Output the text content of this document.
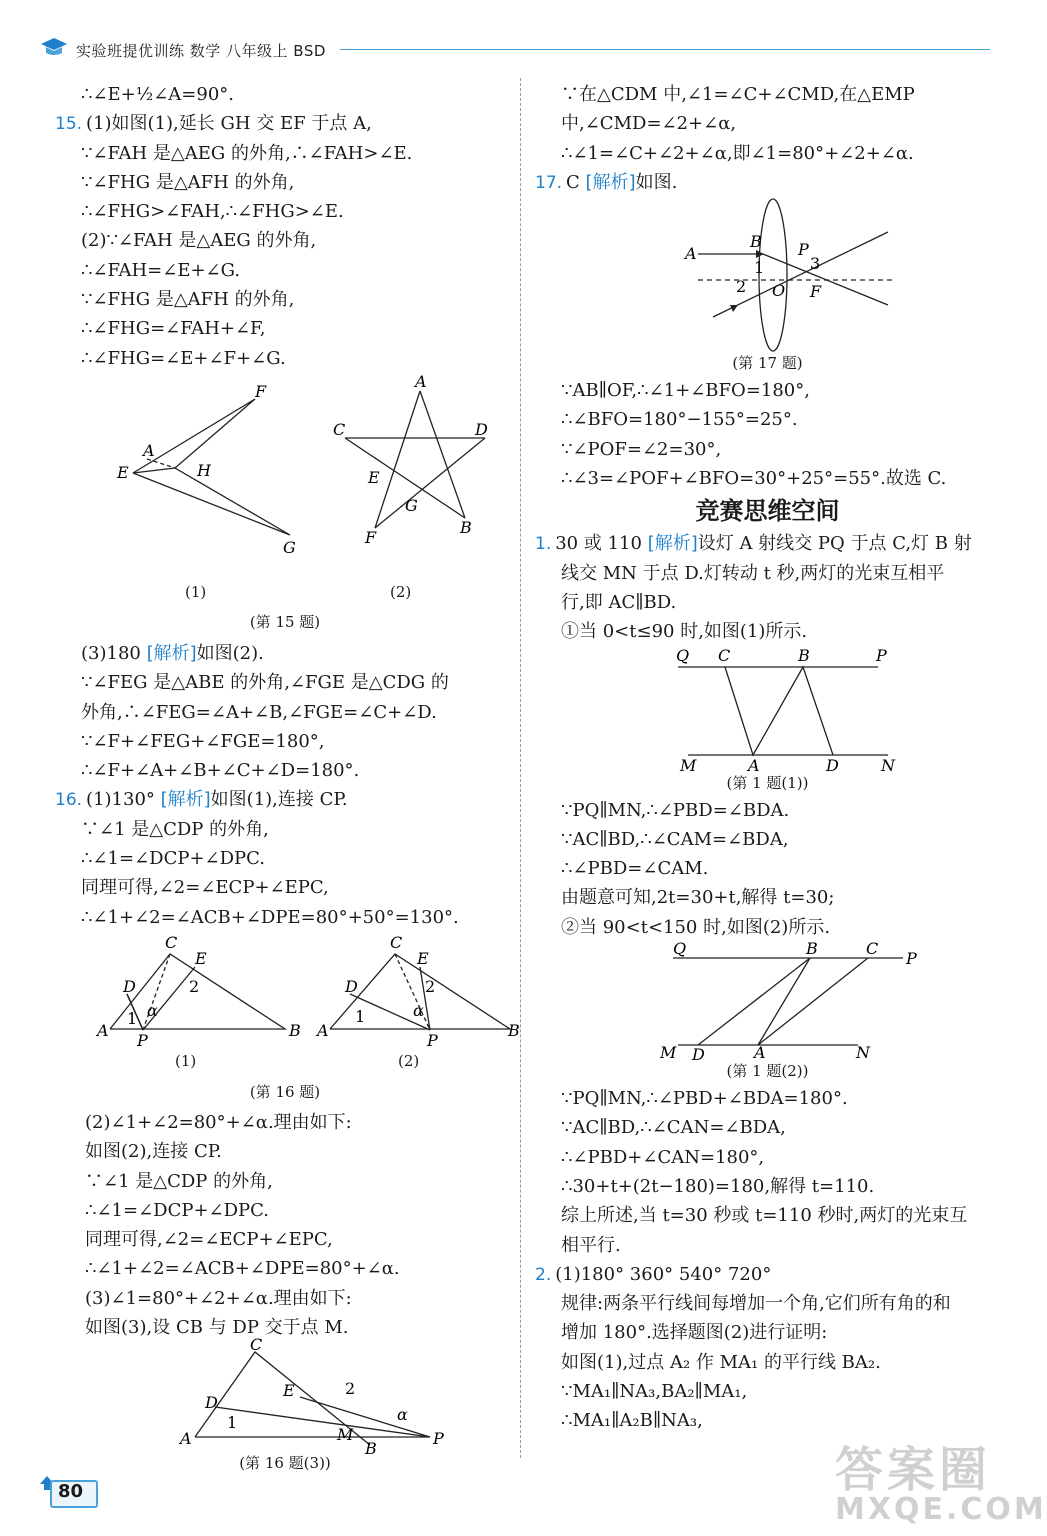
实验班提优训练 数学 八年级上 BSD
∴∠E+½∠A=90°.
15. (1)如图(1),延长 GH 交 EF 于点 A,
∵∠FAH 是△AEG 的外角,∴∠FAH>∠E.
∵∠FHG 是△AFH 的外角,
∴∠FHG>∠FAH,∴∠FHG>∠E.
(2)∵∠FAH 是△AEG 的外角,
∴∠FAH=∠E+∠G.
∵∠FHG 是△AFH 的外角,
∴∠FHG=∠FAH+∠F,
∴∠FHG=∠E+∠F+∠G.
F
A
E	H
G
A
C	D
E
G
F
B
(1)	(2)
(第 15 题)
(3)180 [解析]如图(2).
∵∠FEG 是△ABE 的外角,∠FGE 是△CDG 的
外角,∴∠FEG=∠A+∠B,∠FGE=∠C+∠D.
∵∠F+∠FEG+∠FGE=180°,
∴∠F+∠A+∠B+∠C+∠D=180°.
16. (1)130° [解析]如图(1),连接 CP.
∵∠1 是△CDP 的外角,
∴∠1=∠DCP+∠DPC.
同理可得,∠2=∠ECP+∠EPC,
∴∠1+∠2=∠ACB+∠DPE=80°+50°=130°.
C
E
D
A	B
P
1
2
α
C
E
D
A	B
P
1
2
α
(1)	(2)
(第 16 题)
(2)∠1+∠2=80°+∠α.理由如下:
如图(2),连接 CP.
∵∠1 是△CDP 的外角,
∴∠1=∠DCP+∠DPC.
同理可得,∠2=∠ECP+∠EPC,
∴∠1+∠2=∠ACB+∠DPE=80°+∠α.
(3)∠1=80°+∠2+∠α.理由如下:
如图(3),设 CB 与 DP 交于点 M.
C
D
E
A	M
B
P
1
2
α
(第 16 题(3))
∵在△CDM 中,∠1=∠C+∠CMD,在△EMP
中,∠CMD=∠2+∠α,
∴∠1=∠C+∠2+∠α,即∠1=80°+∠2+∠α.
17. C [解析]如图.
A
B P
1
2
3
O F
(第 17 题)
∵AB∥OF,∴∠1+∠BFO=180°,
∴∠BFO=180°−155°=25°.
∵∠POF=∠2=30°,
∴∠3=∠POF+∠BFO=30°+25°=55°.故选 C.
竞赛思维空间
1. 30 或 110 [解析]设灯 A 射线交 PQ 于点 C,灯 B 射
线交 MN 于点 D.灯转动 t 秒,两灯的光束互相平
行,即 AC∥BD.
①当 0<t≤90 时,如图(1)所示.
Q C	B	P
M	A	D	N
(第 1 题(1))
∵PQ∥MN,∴∠PBD=∠BDA.
∵AC∥BD,∴∠CAM=∠BDA,
∴∠PBD=∠CAM.
由题意可知,2t=30+t,解得 t=30;
②当 90<t<150 时,如图(2)所示.
Q	B	C
P
M D	A	N
(第 1 题(2))
∵PQ∥MN,∴∠PBD+∠BDA=180°.
∵AC∥BD,∴∠CAN=∠BDA,
∴∠PBD+∠CAN=180°,
∴30+t+(2t−180)=180,解得 t=110.
综上所述,当 t=30 秒或 t=110 秒时,两灯的光束互
相平行.
2. (1)180° 360° 540° 720°
规律:两条平行线间每增加一个角,它们所有角的和
增加 180°.选择题图(2)进行证明:
如图(1),过点 A₂ 作 MA₁ 的平行线 BA₂.
∵MA₁∥NA₃,BA₂∥MA₁,
∴MA₁∥A₂B∥NA₃,
80	答案圈
MXQE.COM
